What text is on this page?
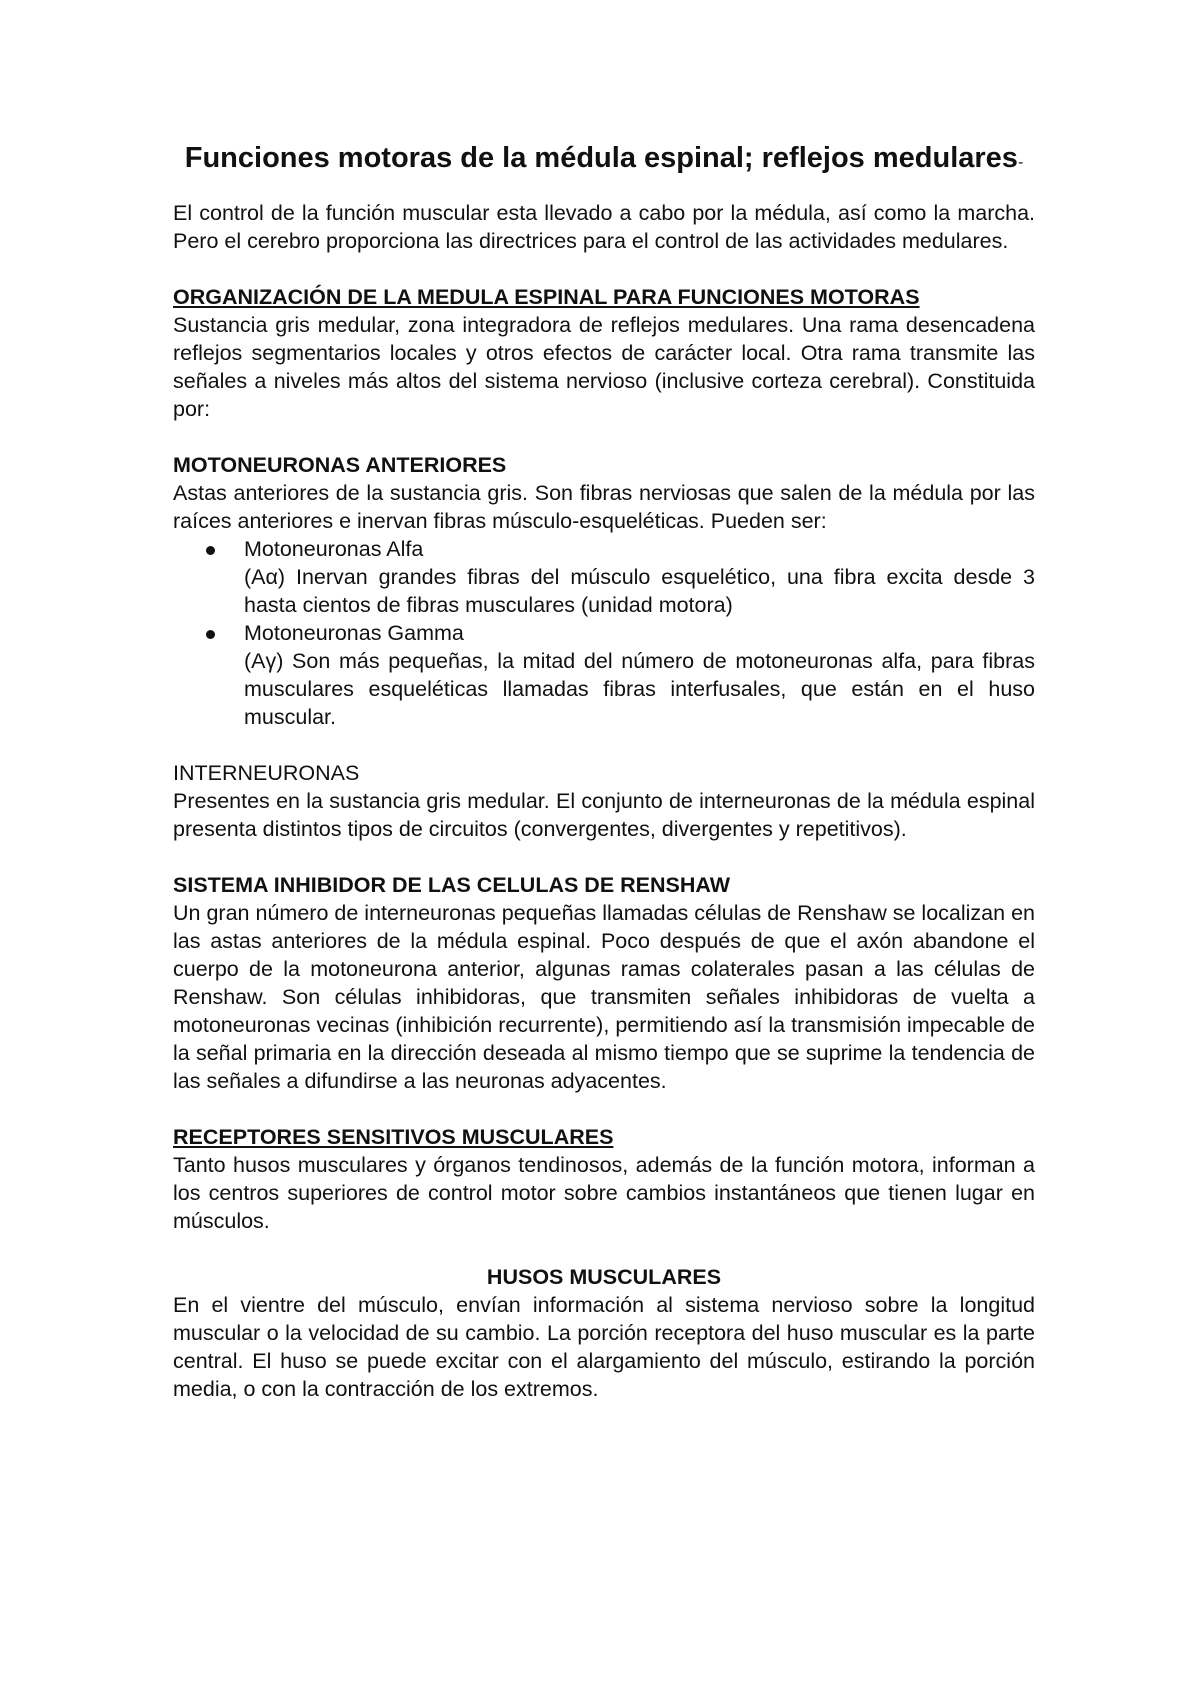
Funciones motoras de la médula espinal; reflejos medulares-

El control de la función muscular esta llevado a cabo por la médula, así como la marcha. Pero el cerebro proporciona las directrices para el control de las actividades medulares.

ORGANIZACIÓN DE LA MEDULA ESPINAL PARA FUNCIONES MOTORAS

Sustancia gris medular, zona integradora de reflejos medulares. Una rama desencadena reflejos segmentarios locales y otros efectos de carácter local. Otra rama transmite las señales a niveles más altos del sistema nervioso (inclusive corteza cerebral). Constituida por:

MOTONEURONAS ANTERIORES

Astas anteriores de la sustancia gris. Son fibras nerviosas que salen de la médula por las raíces anteriores e inervan fibras músculo-esqueléticas. Pueden ser:

Motoneuronas Alfa
(Aα) Inervan grandes fibras del músculo esquelético, una fibra excita desde 3 hasta cientos de fibras musculares (unidad motora)
Motoneuronas Gamma
(Aγ) Son más pequeñas, la mitad del número de motoneuronas alfa, para fibras musculares esqueléticas llamadas fibras interfusales, que están en el huso muscular.
INTERNEURONAS

Presentes en la sustancia gris medular. El conjunto de interneuronas de la médula espinal presenta distintos tipos de circuitos (convergentes, divergentes y repetitivos).

SISTEMA INHIBIDOR DE LAS CELULAS DE RENSHAW

Un gran número de interneuronas pequeñas llamadas células de Renshaw se localizan en las astas anteriores de la médula espinal. Poco después de que el axón abandone el cuerpo de la motoneurona anterior, algunas ramas colaterales pasan a las células de Renshaw. Son células inhibidoras, que transmiten señales inhibidoras de vuelta a motoneuronas vecinas (inhibición recurrente), permitiendo así la transmisión impecable de la señal primaria en la dirección deseada al mismo tiempo que se suprime la tendencia de las señales a difundirse a las neuronas adyacentes.

RECEPTORES SENSITIVOS MUSCULARES

Tanto husos musculares y órganos tendinosos, además de la función motora, informan a los centros superiores de control motor sobre cambios instantáneos que tienen lugar en músculos.

HUSOS MUSCULARES

En el vientre del músculo, envían información al sistema nervioso sobre la longitud muscular o la velocidad de su cambio. La porción receptora del huso muscular es la parte central. El huso se puede excitar con el alargamiento del músculo, estirando la porción media, o con la contracción de los extremos.
